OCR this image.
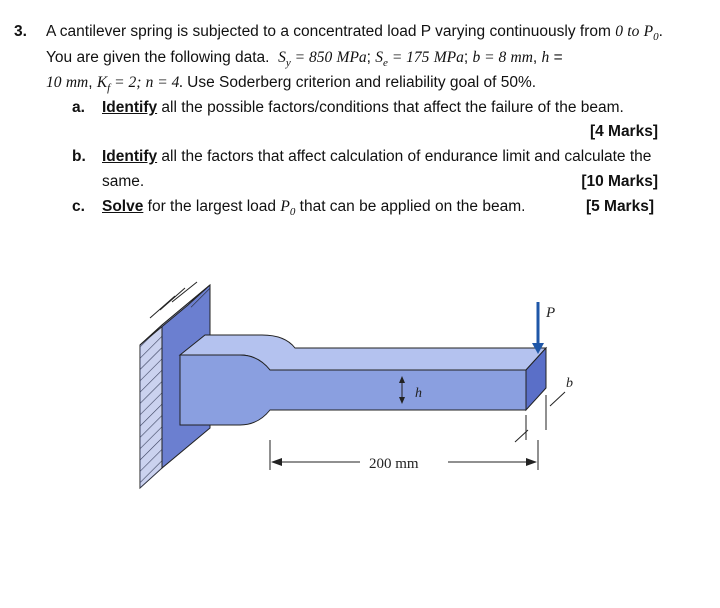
3. A cantilever spring is subjected to a concentrated load P varying continuously from 0 to $P_0$.
You are given the following data. $S_y = 850$ MPa; $S_e = 175$ MPa; b = 8 mm, h =
10 mm, $K_f = 2$; n = 4. Use Soderberg criterion and reliability goal of 50%.
a. Identify all the possible factors/conditions that affect the failure of the beam.
[4 Marks]
b. Identify all the factors that affect calculation of endurance limit and calculate the
same.	[10 Marks]
c. Solve for the largest load $P_0$ that can be applied on the beam.	[5 Marks]
h
P
b
200 mm
